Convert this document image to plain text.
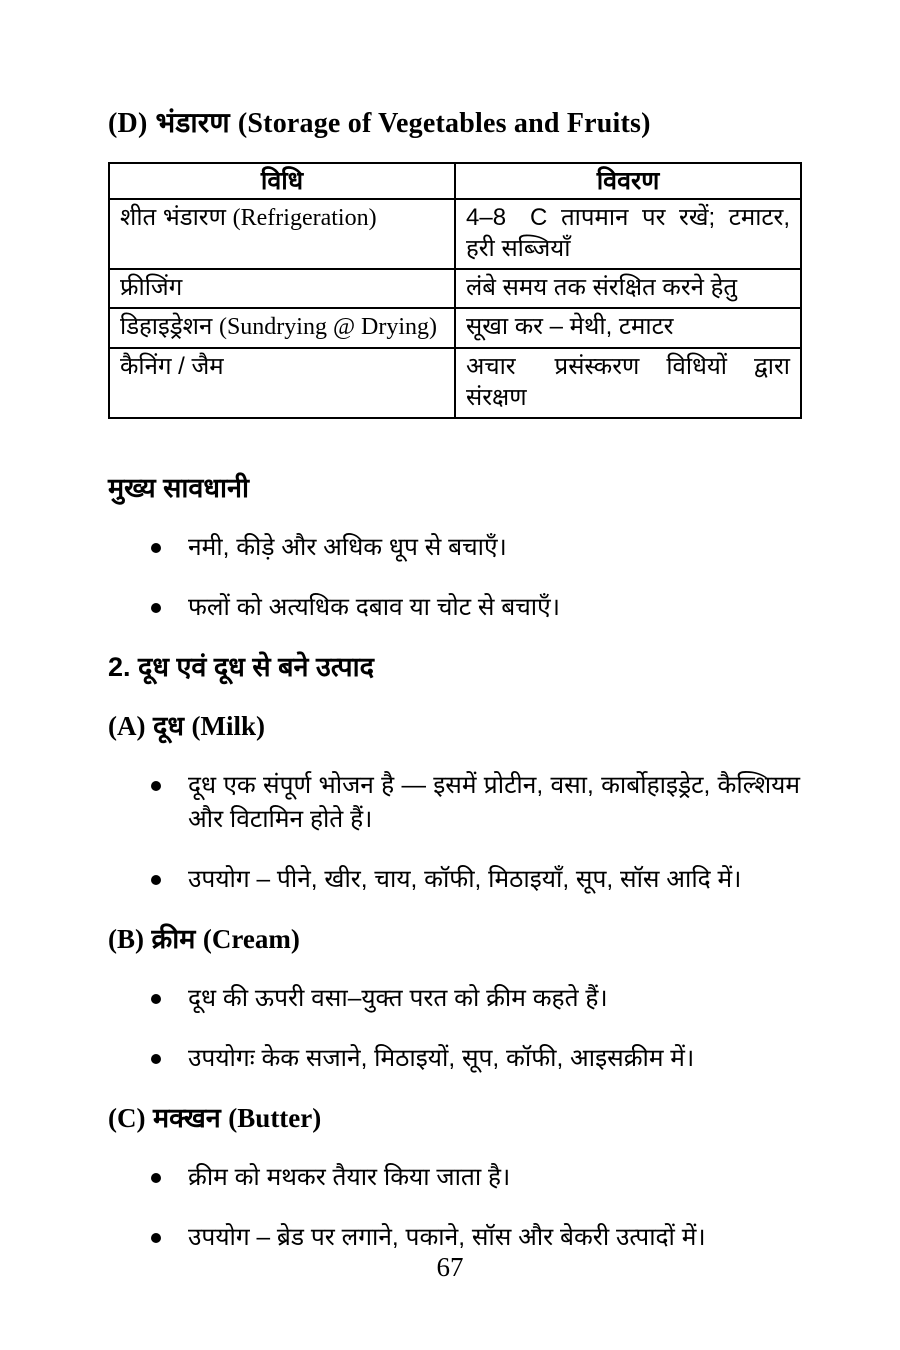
(D) भंडारण (Storage of Vegetables and Fruits)
विधि	विवरण
शीत भंडारण (Refrigeration)	4–8 C तापमान पर रखें; टमाटर, हरी सब्जियाँ
फ्रीजिंग	लंबे समय तक संरक्षित करने हेतु
डिहाइड्रेशन (Sundrying @ Drying)	सूखा कर – मेथी, टमाटर
कैनिंग / जैम	अचार  प्रसंस्करण विधियों द्वारा संरक्षण
मुख्य सावधानी
नमी, कीड़े और अधिक धूप से बचाएँ।
फलों को अत्यधिक दबाव या चोट से बचाएँ।
2. दूध एवं दूध से बने उत्पाद
(A) दूध (Milk)
दूध एक संपूर्ण भोजन है — इसमें प्रोटीन, वसा, कार्बोहाइड्रेट, कैल्शियम और विटामिन होते हैं।
उपयोग – पीने, खीर, चाय, कॉफी, मिठाइयाँ, सूप, सॉस आदि में।
(B) क्रीम (Cream)
दूध की ऊपरी वसा–युक्त परत को क्रीम कहते हैं।
उपयोगः केक सजाने, मिठाइयों, सूप, कॉफी, आइसक्रीम में।
(C) मक्खन (Butter)
क्रीम को मथकर तैयार किया जाता है।
उपयोग – ब्रेड पर लगाने, पकाने, सॉस और बेकरी उत्पादों में।
67
